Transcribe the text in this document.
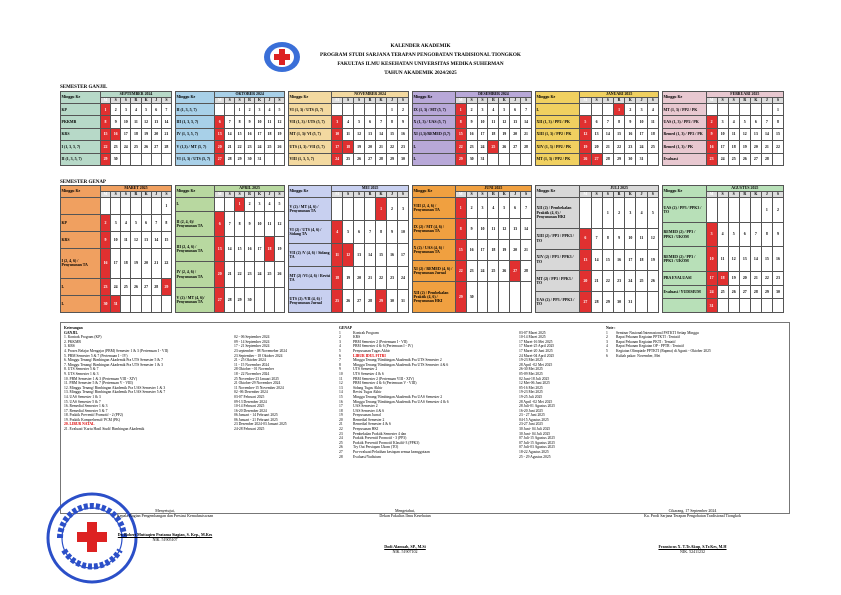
KALENDER AKADEMIK
PROGRAM STUDI SARJANA TERAPAN PENGOBATAN TRADISIONAL TIONGKOK
FAKULTAS ILMU KESEHATAN UNIVERSITAS MEDIKA SUHERMAN
TAHUN AKADEMIK 2024/2025
SEMESTER GANJIL
SEMESTER GENAP
Minggu Ke	SEPTEMBER 2024						
	M	S	S	R	K	J	S
KP	1	2	3	4	5	6	7
PKKMB	8	9	10	11	12	13	14
KRS	15	16	17	18	19	20	21
I (1, 3, 5, 7)	22	23	24	25	26	27	28
II (1, 3, 5, 7)	29	30					
Minggu Ke	OKTOBER 2024						
	M	S	S	R	K	J	S
II (1, 3, 5, 7)			1	2	3	4	5
III (1, 3, 5, 7)	6	7	8	9	10	11	12
IV (1, 3, 5, 7)	13	14	15	16	17	18	19
V (1,3) / MT (5, 7)	20	21	22	23	24	25	26
VI (1, 3) / UTS (5, 7)	27	28	29	30	31		
Minggu Ke	NOVEMBER 2024						
	M	S	S	R	K	J	S
VI (1, 3) / UTS (5, 7)						1	2
VII (1, 3) / UTS (5, 7)	3	4	5	6	7	8	9
MT (1, 3)/ VI (5, 7)	10	11	12	13	14	15	16
UTS (1, 3) / VII (5, 7)	17	18	19	20	21	22	23
VIII (1, 3, 5, 7)	24	25	26	27	28	29	30
Minggu Ke	DESEMBER 2024						
	M	S	S	R	K	J	S
IX (1, 3) / MT (5, 7)	1	2	3	4	5	6	7
X (1, 3) / UAS (5, 7)	8	9	10	11	12	13	14
XI (1,3)/REMED (5,7)	15	16	17	18	19	20	21
L	22	23	24	25	26	27	28
L	29	30	31				
Minggu Ke	JANUARI 2025						
	M	S	S	R	K	J	S
L				1	2	3	4
XII (1, 3) / PP2 / PK	5	6	7	8	9	10	11
XIII (1, 3) / PP2 / PK	12	13	14	15	16	17	18
XIV (1, 3) / PP2 / PK	19	20	21	22	23	24	25
MT (1, 3) / PP2 / PK	26	27	28	29	30	31	
Minggu Ke	FEBRUARI 2025						
	M	S	S	R	K	J	S
MT (1, 3) / PP2 / PK							1
UAS (1, 3) / PP2 / PK	2	3	4	5	6	7	8
Remed (1, 3) / PP2 / PK	9	10	11	12	13	14	15
Remed (1, 3) / PK	16	17	18	19	20	21	22
Evaluasi	23	24	25	26	27	28	
Minggu Ke	MARET 2025						
	M	S	S	R	K	J	S
							1
KP	2	3	4	5	6	7	8
KRS	9	10	11	12	13	14	15
I (2, 4, 6) / Penyusunan TA	16	17	18	19	20	21	22
L	23	24	25	26	27	28	29
L	30	31					
Minggu Ke	APRIL 2025						
	M	S	S	R	K	J	S
L			1	2	3	4	5
II (2, 4, 6)/ Penyusunan TA	6	7	8	9	10	11	12
III (2, 4, 6) / Penyusunan TA	13	14	15	16	17	18	19
IV (2, 4, 6) / Penyusunan TA	20	21	22	23	24	25	26
V (2) / MT (4, 6)/ Penyusunan TA	27	28	29	30			
Minggu Ke	MEI 2025						
	M	S	S	R	K	J	S
V (2) / MT (4, 6) / Penyusunan TA					1	2	3
VI (2) / UTS (4, 6) / Sidang TA	4	5	6	7	8	9	10
VII (2) /V (4, 6) / Sidang TA	11	12	13	14	15	16	17
MT (2) /VI (4, 6) / Revisi TA	18	19	20	21	22	23	24
UTS (2) /VII (4, 6) / Penyusunan Jurnal	25	26	27	28	29	30	31
Minggu Ke	JUNI 2025						
	M	S	S	R	K	J	S
VIII (2, 4, 6) / Penyusunan TA	1	2	3	4	5	6	7
IX (2) / MT (4, 6) / Penyusunan TA	8	9	10	11	12	13	14
X (2) / UAS (4, 6) / Penyusunan TA	15	16	17	18	19	20	21
XI (2) / REMED (4, 6) / Penyusunan Jurnal	22	23	24	25	26	27	28
XII (2) / Pembekalan Praktik (4, 6) / Penyusunan HKI	29	30					
Minggu Ke	JULI 2025						
	M	S	S	R	K	J	S
XII (2) / Pembekalan Praktik (4, 6) / Penyusunan HKI			1	2	3	4	5
XIII (2) / PP3 / PPK3 / TO	6	7	8	9	10	11	12
XIV (2) / PP3 / PPK3 / TO	13	14	15	16	17	18	19
MT (2) / PP3 / PPK3 / TO	20	21	22	23	24	25	26
UAS (2) / PP3 / PPK3 / TO	27	28	29	30	31		
Minggu Ke	AGUSTUS 2025						
	M	S	S	R	K	J	S
UAS (2) / PP3 / PPK3 / TO						1	2
REMED (2) / PP3 / PPK3 / UKOM	3	4	5	6	7	8	9
REMED (2) / PP3 / PPK3 / UKOM	10	11	12	13	14	15	16
PBA EVALUASI	17	18	19	20	21	22	23
Evaluasi / YUDISIUM	24	25	26	27	28	29	30
	31						
Keterangan
GANJIL
1. Kontrak Program (KP)	02 - 06 September 2024
2. PKKMB	09 - 14 September 2024
3. KRS	17 - 21 September 2024
4. Proses Belajar Mengajar (PBM) Semester 1 & 3 (Pertemuan I - VII)	23 september - 08 Novemeber 2024
5. PBM Semester 5 & 7 (Pertemuan I - IV)	23 September - 18 Oktober 2024
6. Minggu Tenang/ Bimbingan Akademik Pra UTS Semester 5 & 7	21 - 25 Oktober 2024
7. Minggu Tenang/ Bimbingan Akademik Pra UTS Semester 1 & 3	11 - 15 November 2024
8. UTS Semester 5 & 7	28 Oktober - 01 November
9. UTS Semester 1 & 3	18 - 22 November 2024
10. PBM Semester 1 & 3 (Pertemuan VIII - XIV)	25 November-23 Januari 2025
11. PBM Semester 5 & 7 (Pertemuan V - VIII)	21 Oktober-29 November 2024
12. Minggu Tenang/ Bimbingan Akademik Pra UAS Semester 1 & 3	11 November-15 November 2024
13. Minggu Tenang/ Bimbingan Akademik Pra UAS Semester 5 & 7	02 -06 Desember 2024
14. UAS Semester 1 & 3	03-07 Februari 2025
15. UAS Semester 5 & 7	09-13 Desember 2024
16. Remedial Semester 1 & 3	10-14 Februari 2025
17. Remedial Semester 5 & 7	16-20 Desember 2024
18. Praktik Preventif Promotif - 2 (PP2)	06 Januari - 14 Februari 2025
19. Praktik Komprehensif/ PCM (PK)	06 Januari - 21 Februari 2025
20. LIBUR NATAL	23 Desember 2024-03 Januari 2025
21. Evaluasi/ Kartu Hasil Studi/ Bimbingan Akademik	24-28 Februari 2025
GENAP
1	Kontrak Program	03-07 Maret 2025
2	KRS	10-14 Maret 2025
3	PBM Semester 2 (Pertemuan I - VII)	17 Maret-16 Mei 2025
4	PBM Semester 4 & 6 (Pertemuan I - IV)	17 Maret-25 April 2025
5	Penyusunan Tugas Akhir	17 Maret-20 Juni 2025
6	LIBUR IDUL FITRI	24 Maret-04 April 2025
7	Minggu Tenang/ Bimbingan Akademik Pra UTS Semester 2	19-23 Mei 2025
8	Minggu Tenang/ Bimbingan Akademik Pra UTS Semester 4 & 6	28 April -02 Mei 2025
9	UTS Semester 2	26-30 Mei 2025
10	UTS Semester 4 & 6	05-09 Mei 2025
11	PBM Semester 2 (Pertemuan VIII - XIV)	02 Juni-18 Juli 2025
12	PBM Semester 4 & 6 (Pertemuan V - VIII)	12 Mei-06 Juni 2025
13	Sidang Tugas Akhir	05-16 Mei 2025
14	Revisi Tugas Akhir	19-23 Mei 2025
15	Minggu Tenang/ Bimbingan Akademik Pra UAS Semester 2	19-25 Juli 2025
16	Minggu Tenang/ Bimbingan Akademik Pra UAS Semester 4 & 6	28 April -02 Mei 2025
17	UAS Semester 2	28 Juli-01 Agustus 2025
18	UAS Semester 4 & 6	16-20 Juni 2025
19	Penyusunan Jurnal	23 - 27 Juni 2025
20	Remedial Semester 2	04-15 Agustus 2025
21	Remedial Semester 4 & 6	23-27 Juni 2025
22	Penyusunan HKI	30 Juni- 04 Juli 2025
23	Pembekalan Praktik Semester 4 dan	30 Juni- 04 Juli 2025
24	Praktik Preventif Promotif - 3 (PP3)	07 Juli-15 Agustus 2025
25	Praktik Preventif Promotif Klasifif-3 (PPK3)	07 Juli-15 Agustus 2025
26	Try Out Persiapan Ukom (TO)	07 Juli-03 Agustus 2025
27	Pra-evaluasi/Pelatihan kesiapan semua keanggotaan	18-22 Agustus 2025
28	Evaluasi/Yudisium	25 - 29 Agustus 2025
Note :
1 Seminar Nasional/Internasional PSTKTI Setiap Minggu
2 Rapat Pekanan Kegiatan PPTKTI : Tentatif
3 Rapat Pekanan Kegiatan PKTI : Tentatif
4 Rapat Pekanan Kegiatan OP - PPTR : Tentatif
5 Kegiatan Olimpiade PPTKTI (Rapma) di Agusti - Oktober 2025
6 Kuliah pakar: November, Mei
Menyetujui,
Kepala Bagian Pengembangan dan Prestasi Kemahasiswaan
Dr. Robert Muttaqien Pratama Siagian, S. Kep., M.Kes
NIK. 51905107
Mengetahui,
Dekan Fakultas Ilmu Kesehatan
Dodi Alamsah, SP., M.Si
NIK. 51907102
Cikarang, 17 September 2024
Ka. Prodi Sarjana Terapan Pengobatan Tradisional Tiongkok
Fransiscus X. T.Tr.Akup, S.Tr.Kes, M.H
NIK. 52411232
